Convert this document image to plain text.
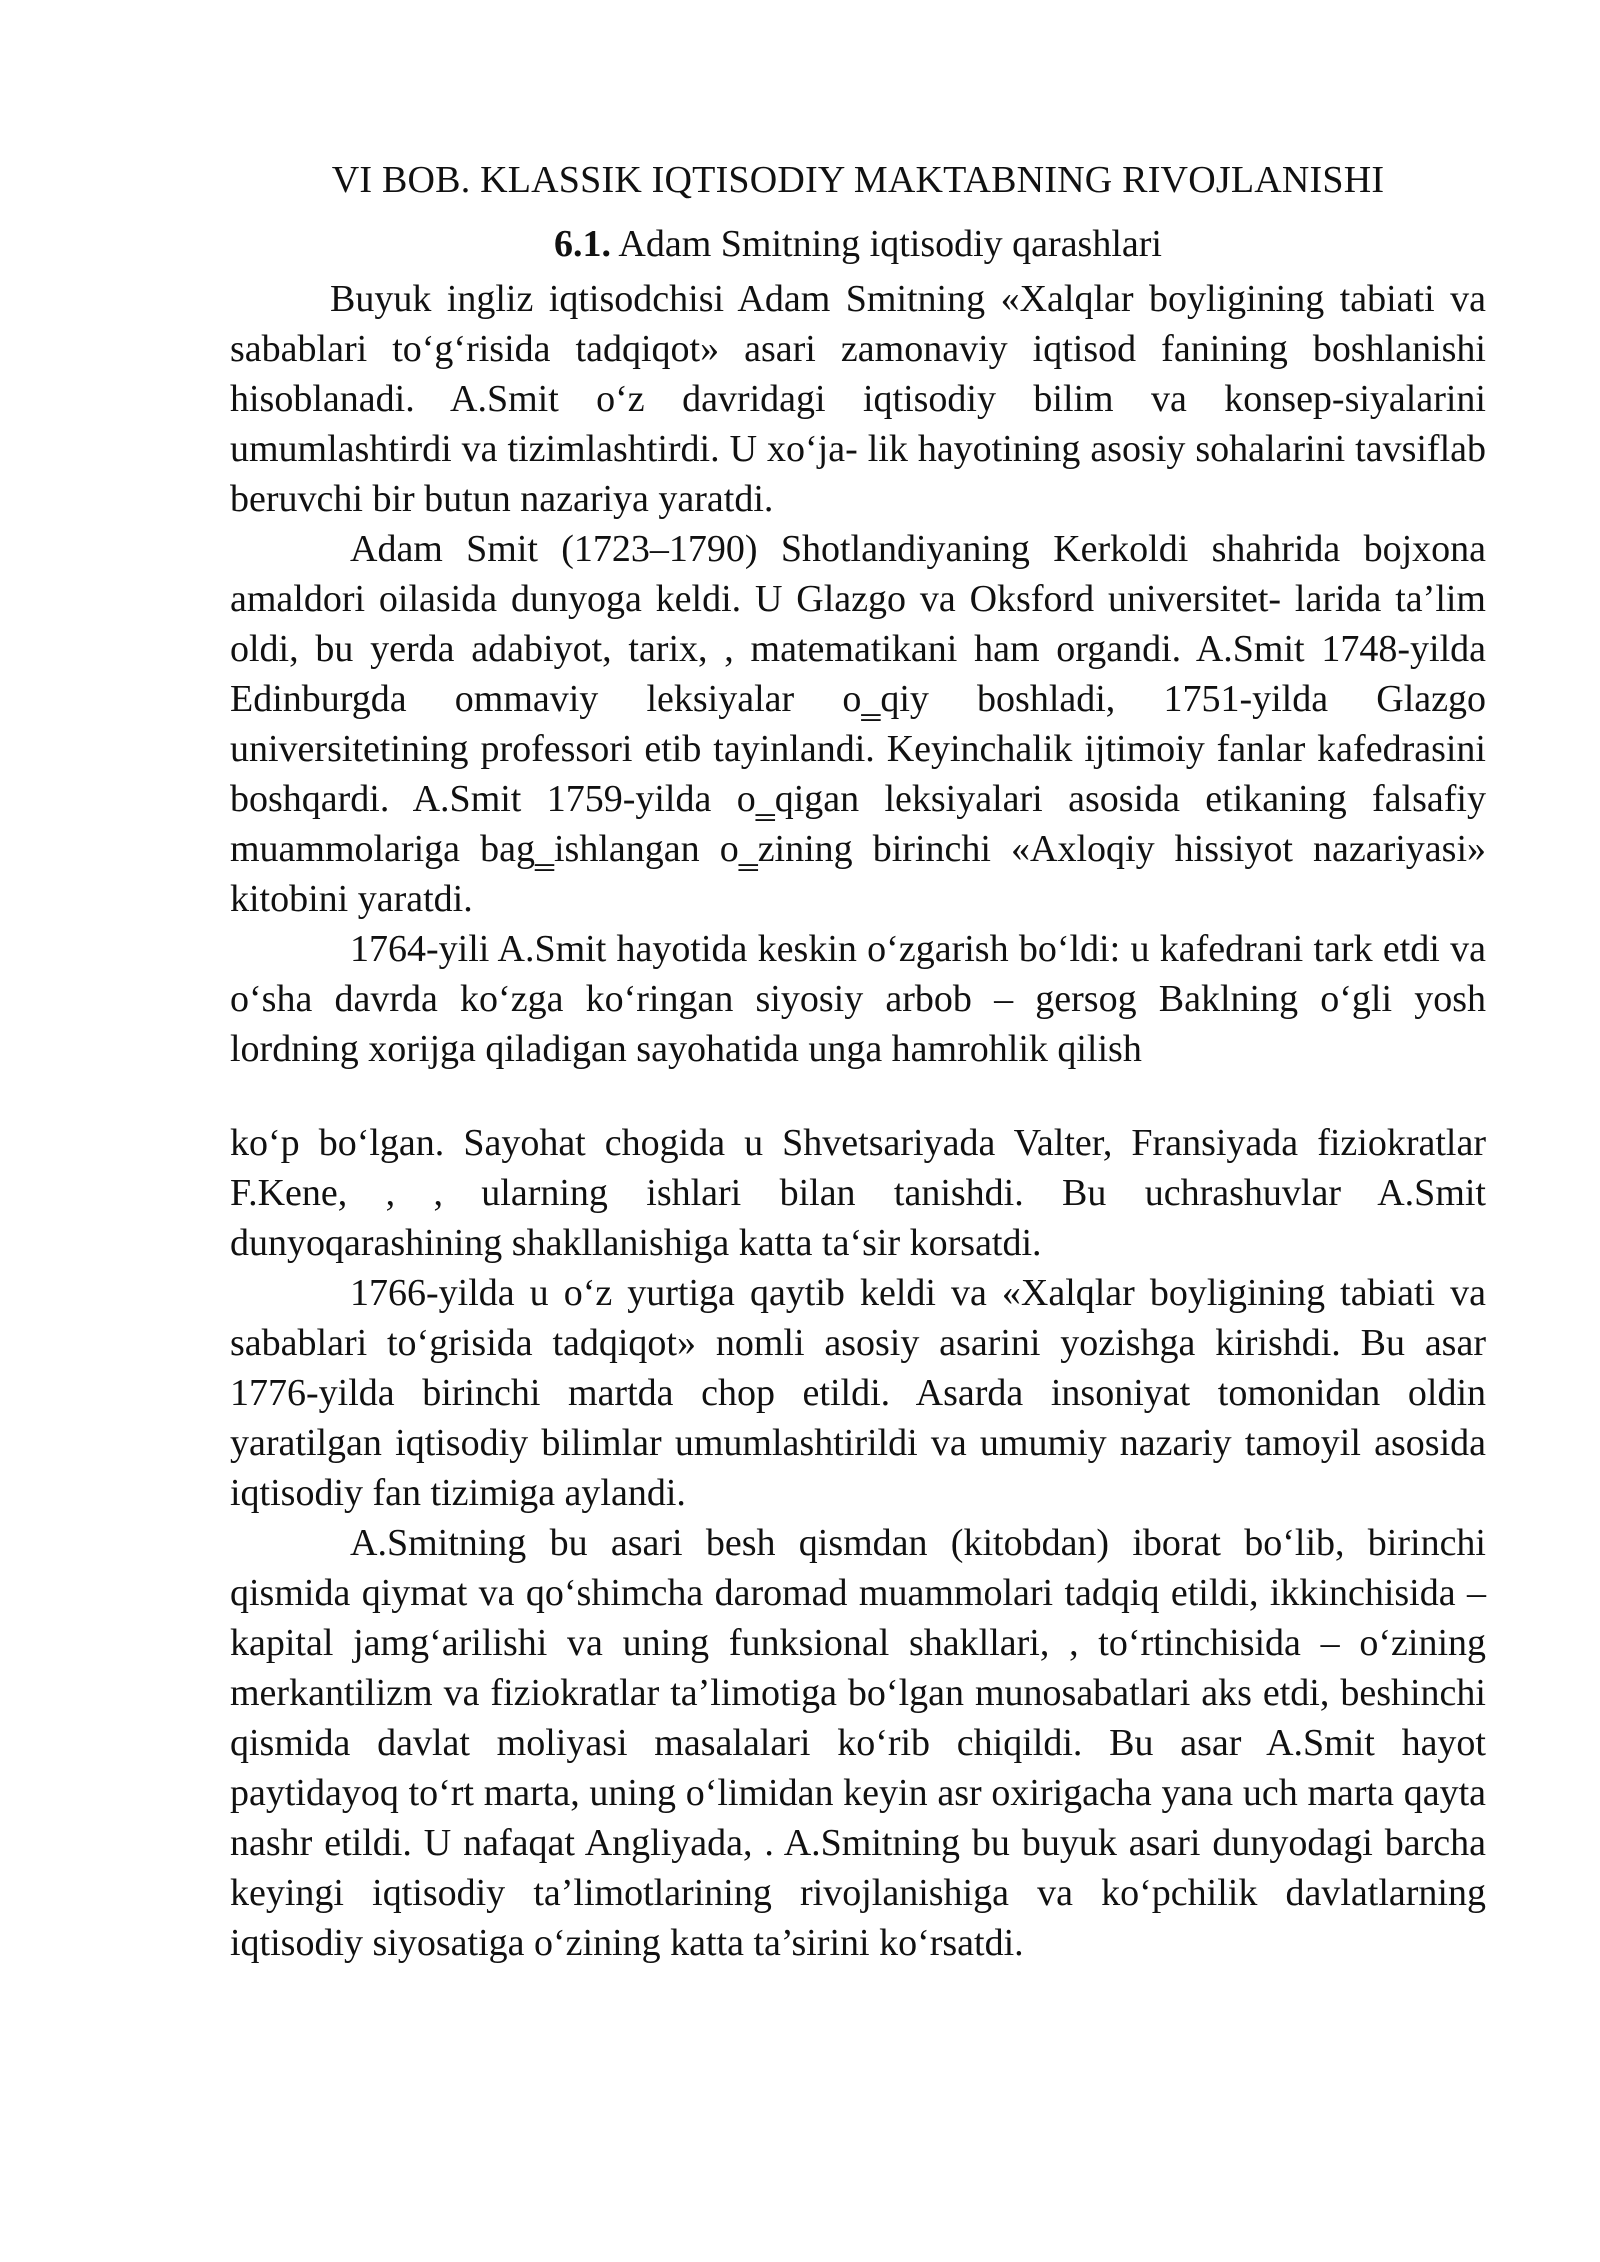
VI BOB. KLASSIK IQTISODIY MAKTABNING RIVOJLANISHI
6.1. Adam Smitning iqtisodiy qarashlari

Buyuk ingliz iqtisodchisi Adam Smitning «Xalqlar boyligining tabiati va sabablari to‘g‘risida tadqiqot» asari zamonaviy iqtisod fanining boshlanishi hisoblanadi. A.Smit o‘z davridagi iqtisodiy bilim va konsep-siyalarini umumlashtirdi va tizimlashtirdi. U xo‘ja- lik hayotining asosiy sohalarini tavsiflab beruvchi bir butun nazariya yaratdi.

Adam Smit (1723–1790) Shotlandiyaning Kerkoldi shahrida bojxona amaldori oilasida dunyoga keldi. U Glazgo va Oksford universitet- larida ta’lim oldi, bu yerda adabiyot, tarix, , matematikani ham organdi. A.Smit 1748-yilda Edinburgda ommaviy leksiyalar o‗qiy boshladi, 1751-yilda Glazgo universitetining professori etib tayinlandi. Keyinchalik ijtimoiy fanlar kafedrasini boshqardi. A.Smit 1759-yilda o‗qigan leksiyalari asosida etikaning falsafiy muammolariga bag‗ishlangan o‗zining birinchi «Axloqiy hissiyot nazariyasi» kitobini yaratdi.

1764-yili A.Smit hayotida keskin o‘zgarish bo‘ldi: u kafedrani tark etdi va o‘sha davrda ko‘zga ko‘ringan siyosiy arbob – gersog Baklning o‘gli yosh lordning xorijga qiladigan sayohatida unga hamrohlik qilish

ko‘p bo‘lgan. Sayohat chogida u Shvetsariyada Valter, Fransiyada fiziokratlar F.Kene, , , ularning ishlari bilan tanishdi. Bu uchrashuvlar A.Smit dunyoqarashining shakllanishiga katta ta‘sir korsatdi.

1766-yilda u o‘z yurtiga qaytib keldi va «Xalqlar boyligining tabiati va sabablari to‘grisida tadqiqot» nomli asosiy asarini yozishga kirishdi. Bu asar 1776-yilda birinchi martda chop etildi. Asarda insoniyat tomonidan oldin yaratilgan iqtisodiy bilimlar umumlashtirildi va umumiy nazariy tamoyil asosida iqtisodiy fan tizimiga aylandi.

A.Smitning bu asari besh qismdan (kitobdan) iborat bo‘lib, birinchi qismida qiymat va qo‘shimcha daromad muammolari tadqiq etildi, ikkinchisida – kapital jamg‘arilishi va uning funksional shakllari, , to‘rtinchisida – o‘zining merkantilizm va fiziokratlar ta’limotiga bo‘lgan munosabatlari aks etdi, beshinchi qismida davlat moliyasi masalalari ko‘rib chiqildi. Bu asar A.Smit hayot paytidayoq to‘rt marta, uning o‘limidan keyin asr oxirigacha yana uch marta qayta nashr etildi. U nafaqat Angliyada, . A.Smitning bu buyuk asari dunyodagi barcha keyingi iqtisodiy ta’limotlarining rivojlanishiga va ko‘pchilik davlatlarning iqtisodiy siyosatiga o‘zining katta ta’sirini ko‘rsatdi.
